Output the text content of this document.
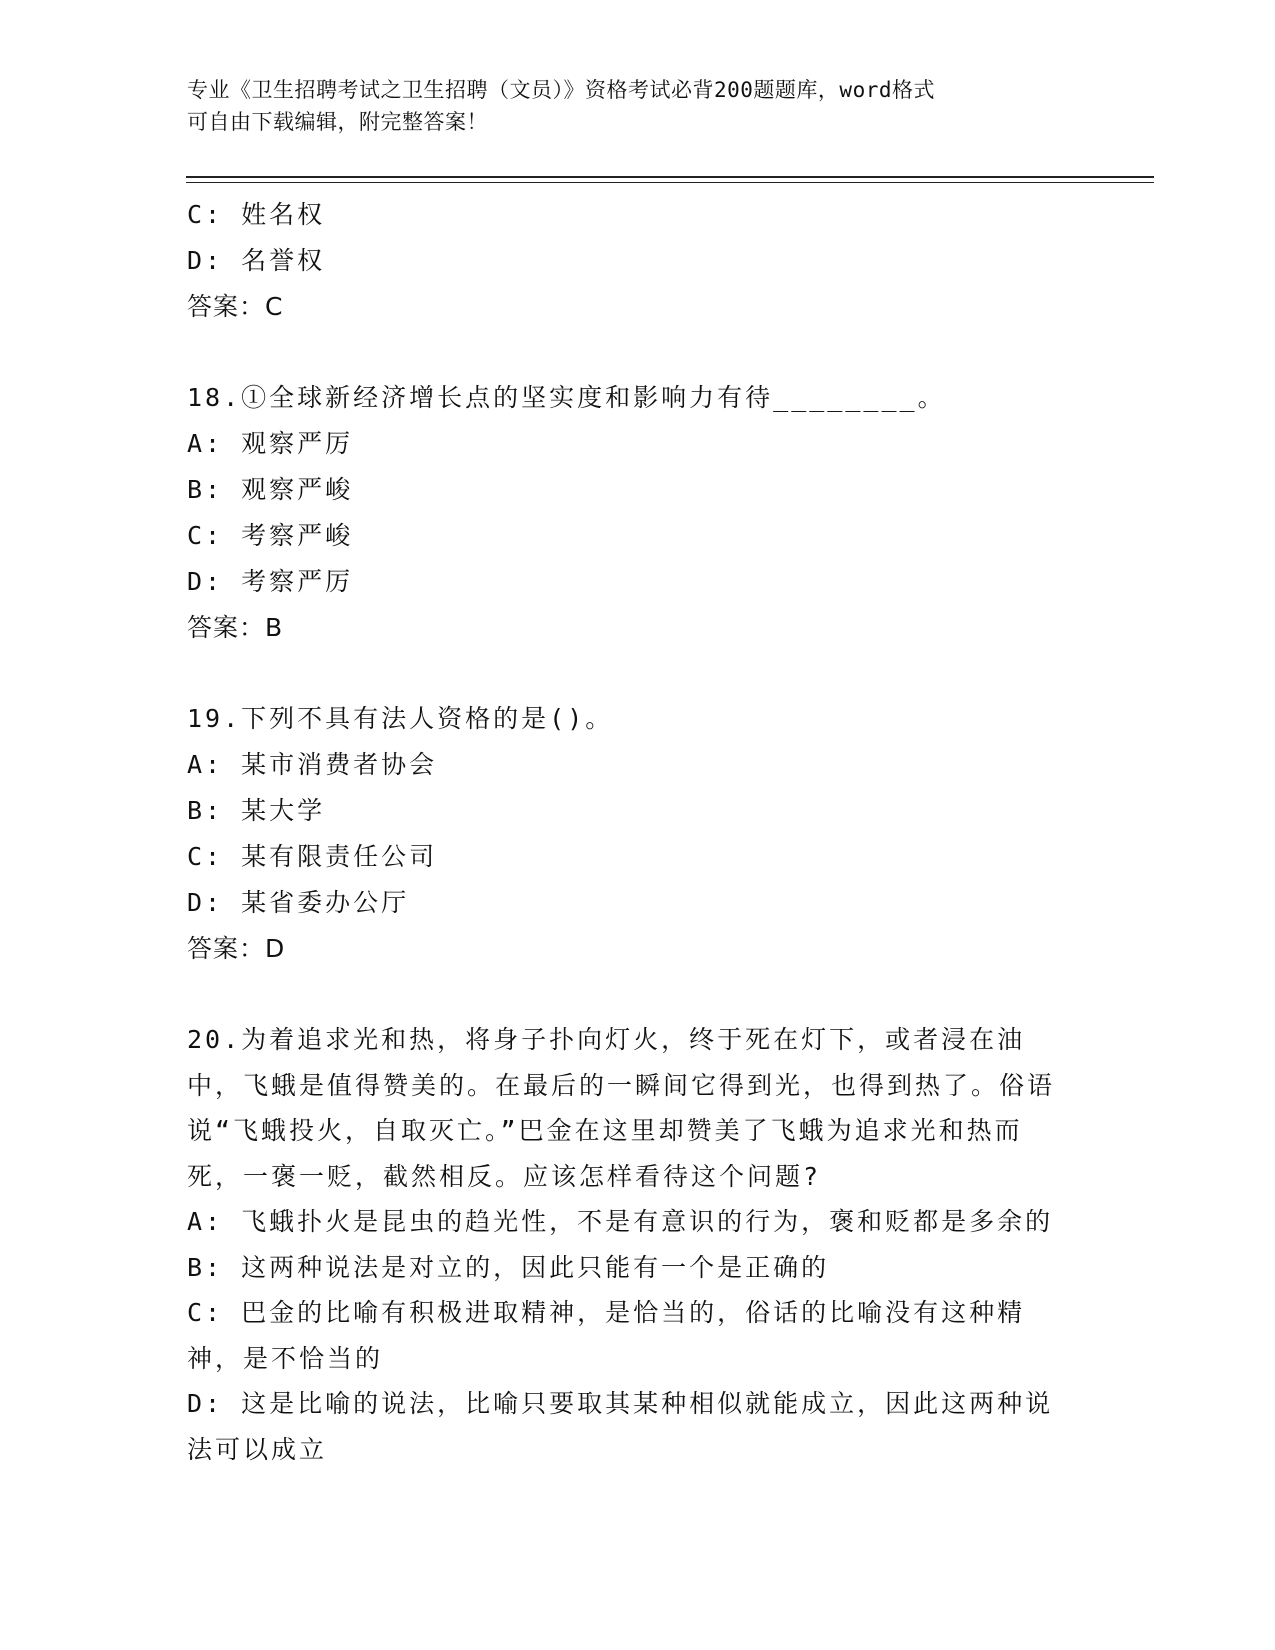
专业《卫生招聘考试之卫生招聘（文员）》资格考试必背200题题库，word格式
可自由下载编辑，附完整答案！
C: 姓名权
D: 名誉权
答案：C
18.①全球新经济增长点的坚实度和影响力有待________。
A: 观察严厉
B: 观察严峻
C: 考察严峻
D: 考察严厉
答案：B
19.下列不具有法人资格的是()。
A: 某市消费者协会
B: 某大学
C: 某有限责任公司
D: 某省委办公厅
答案：D
20.为着追求光和热，将身子扑向灯火，终于死在灯下，或者浸在油中，飞蛾是值得赞美的。在最后的一瞬间它得到光，也得到热了。俗语说“飞蛾投火，自取灭亡。”巴金在这里却赞美了飞蛾为追求光和热而死，一褒一贬，截然相反。应该怎样看待这个问题?
A: 飞蛾扑火是昆虫的趋光性，不是有意识的行为，褒和贬都是多余的
B: 这两种说法是对立的，因此只能有一个是正确的
C: 巴金的比喻有积极进取精神，是恰当的，俗话的比喻没有这种精神，是不恰当的
D: 这是比喻的说法，比喻只要取其某种相似就能成立，因此这两种说法可以成立
